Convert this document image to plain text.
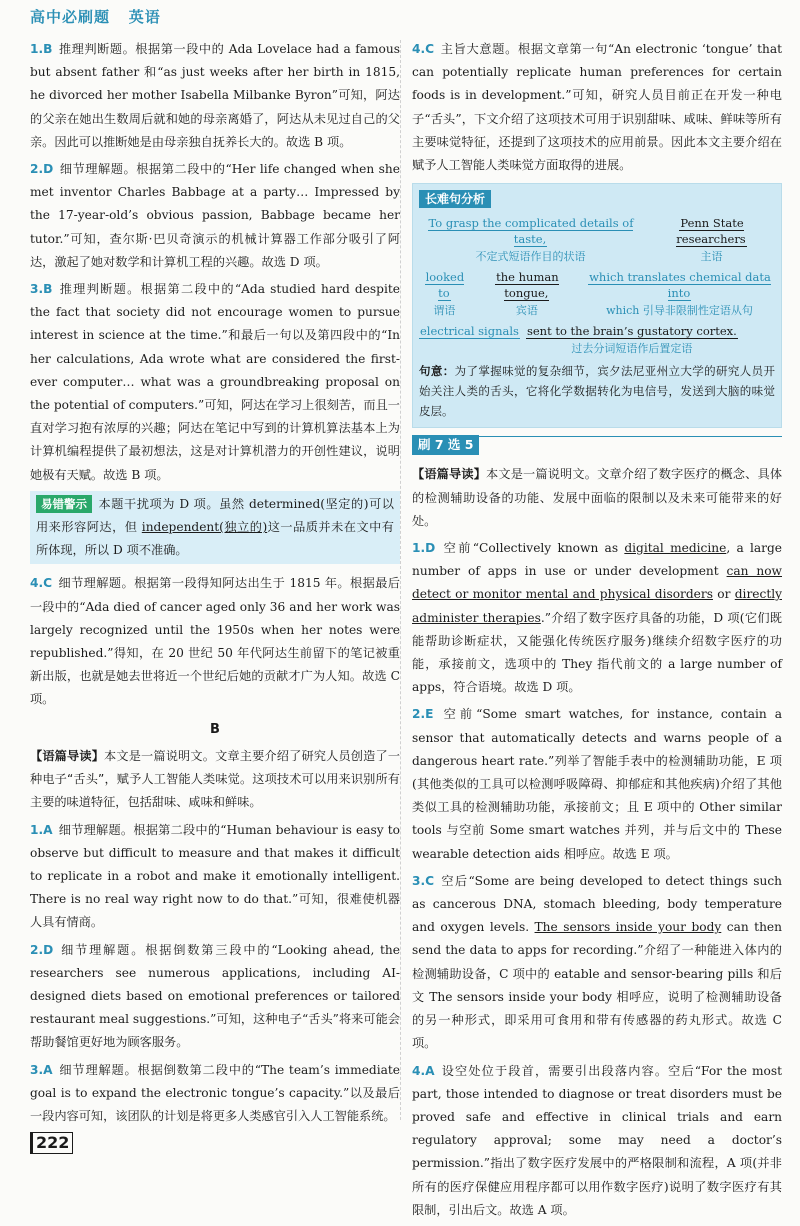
高中必刷题 英语
1.B 推理判断题。根据第一段中的 Ada Lovelace had a famous but absent father 和“as just weeks after her birth in 1815, he divorced her mother Isabella Milbanke Byron”可知，阿达的父亲在她出生数周后就和她的母亲离婚了，阿达从未见过自己的父亲。因此可以推断她是由母亲独自抚养长大的。故选 B 项。
2.D 细节理解题。根据第二段中的“Her life changed when she met inventor Charles Babbage at a party… Impressed by the 17-year-old’s obvious passion, Babbage became her tutor.”可知，查尔斯·巴贝奇演示的机械计算器工作部分吸引了阿达，激起了她对数学和计算机工程的兴趣。故选 D 项。
3.B 推理判断题。根据第二段中的“Ada studied hard despite the fact that society did not encourage women to pursue interest in science at the time.”和最后一句以及第四段中的“In her calculations, Ada wrote what are considered the first-ever computer… what was a groundbreaking proposal on the potential of computers.”可知，阿达在学习上很刻苦，而且一直对学习抱有浓厚的兴趣；阿达在笔记中写到的计算机算法基本上为计算机编程提供了最初想法，这是对计算机潜力的开创性建议，说明她极有天赋。故选 B 项。
易错警示 本题干扰项为 D 项。虽然 determined(坚定的)可以用来形容阿达，但 independent(独立的)这一品质并未在文中有所体现，所以 D 项不准确。
4.C 细节理解题。根据第一段得知阿达出生于 1815 年。根据最后一段中的“Ada died of cancer aged only 36 and her work was largely recognized until the 1950s when her notes were republished.”得知，在 20 世纪 50 年代阿达生前留下的笔记被重新出版，也就是她去世将近一个世纪后她的贡献才广为人知。故选 C 项。
B
【语篇导读】本文是一篇说明文。文章主要介绍了研究人员创造了一种电子“舌头”，赋予人工智能人类味觉。这项技术可以用来识别所有主要的味道特征，包括甜味、咸味和鲜味。
1.A 细节理解题。根据第二段中的“Human behaviour is easy to observe but difficult to measure and that makes it difficult to replicate in a robot and make it emotionally intelligent. There is no real way right now to do that.”可知，很难使机器人具有情商。
2.D 细节理解题。根据倒数第三段中的“Looking ahead, the researchers see numerous applications, including AI-designed diets based on emotional preferences or tailored restaurant meal suggestions.”可知，这种电子“舌头”将来可能会帮助餐馆更好地为顾客服务。
3.A 细节理解题。根据倒数第二段中的“The team’s immediate goal is to expand the electronic tongue’s capacity.”以及最后一段内容可知，该团队的计划是将更多人类感官引入人工智能系统。
4.C 主旨大意题。根据文章第一句“An electronic ‘tongue’ that can potentially replicate human preferences for certain foods is in development.”可知，研究人员目前正在开发一种电子“舌头”，下文介绍了这项技术可用于识别甜味、咸味、鲜味等所有主要味觉特征，还提到了这项技术的应用前景。因此本文主要介绍在赋予人工智能人类味觉方面取得的进展。
长难句分析
To grasp the complicated details of taste,
不定式短语作目的状语
Penn State researchers
主语
looked to
谓语
the human tongue,
宾语
which translates chemical data into
which 引导非限制性定语从句
electrical signals sent to the brain’s gustatory cortex.
过去分词短语作后置定语
句意：为了掌握味觉的复杂细节，宾夕法尼亚州立大学的研究人员开始关注人类的舌头，它将化学数据转化为电信号，发送到大脑的味觉皮层。
刷 7 选 5
【语篇导读】本文是一篇说明文。文章介绍了数字医疗的概念、具体的检测辅助设备的功能、发展中面临的限制以及未来可能带来的好处。
1.D 空前“Collectively known as digital medicine, a large number of apps in use or under development can now detect or monitor mental and physical disorders or directly administer therapies.”介绍了数字医疗具备的功能，D 项(它们既能帮助诊断症状，又能强化传统医疗服务)继续介绍数字医疗的功能，承接前文，选项中的 They 指代前文的 a large number of apps，符合语境。故选 D 项。
2.E 空前“Some smart watches, for instance, contain a sensor that automatically detects and warns people of a dangerous heart rate.”列举了智能手表中的检测辅助功能，E 项(其他类似的工具可以检测呼吸障碍、抑郁症和其他疾病)介绍了其他类似工具的检测辅助功能，承接前文；且 E 项中的 Other similar tools 与空前 Some smart watches 并列，并与后文中的 These wearable detection aids 相呼应。故选 E 项。
3.C 空后“Some are being developed to detect things such as cancerous DNA, stomach bleeding, body temperature and oxygen levels. The sensors inside your body can then send the data to apps for recording.”介绍了一种能进入体内的检测辅助设备，C 项中的 eatable and sensor-bearing pills 和后文 The sensors inside your body 相呼应，说明了检测辅助设备的另一种形式，即采用可食用和带有传感器的药丸形式。故选 C 项。
4.A 设空处位于段首，需要引出段落内容。空后“For the most part, those intended to diagnose or treat disorders must be proved safe and effective in clinical trials and earn regulatory approval; some may need a doctor’s permission.”指出了数字医疗发展中的严格限制和流程，A 项(并非所有的医疗保健应用程序都可以用作数字医疗)说明了数字医疗有其限制，引出后文。故选 A 项。
222
